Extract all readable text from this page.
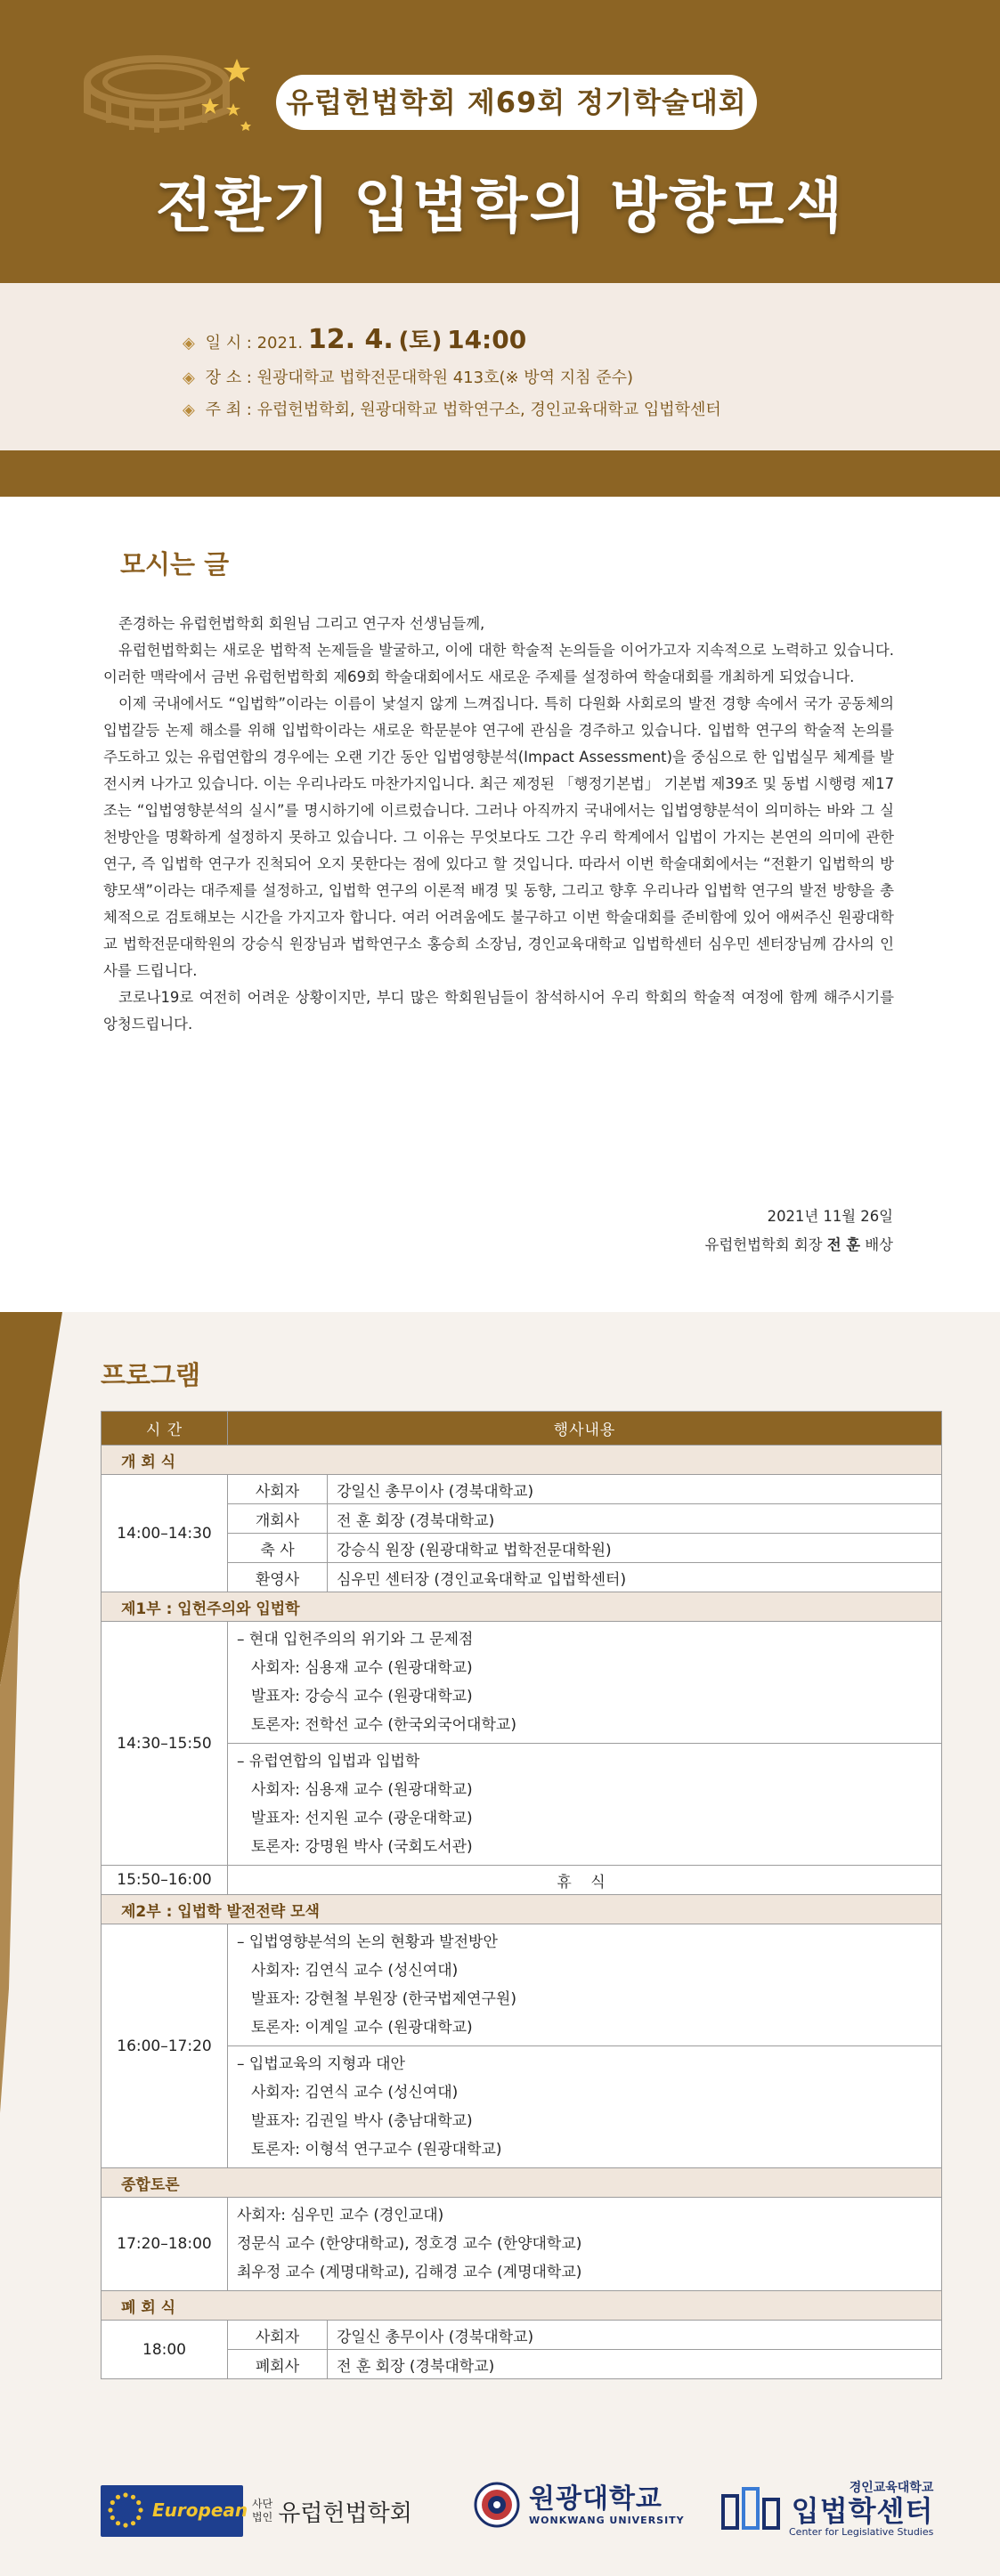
유럽헌법학회 제69회 정기학술대회
전환기 입법학의 방향모색
◈ 일 시 : 2021. 12. 4. (토) 14:00
◈ 장 소 : 원광대학교 법학전문대학원 413호(※ 방역 지침 준수)
◈ 주 최 : 유럽헌법학회, 원광대학교 법학연구소, 경인교육대학교 입법학센터
모시는 글

존경하는 유럽헌법학회 회원님 그리고 연구자 선생님들께,

유럽헌법학회는 새로운 법학적 논제들을 발굴하고, 이에 대한 학술적 논의들을 이어가고자 지속적으로 노력하고 있습니다. 이러한 맥락에서 금번 유럽헌법학회 제69회 학술대회에서도 새로운 주제를 설정하여 학술대회를 개최하게 되었습니다.

이제 국내에서도 “입법학”이라는 이름이 낯설지 않게 느껴집니다. 특히 다원화 사회로의 발전 경향 속에서 국가 공동체의 입법갈등 논제 해소를 위해 입법학이라는 새로운 학문분야 연구에 관심을 경주하고 있습니다. 입법학 연구의 학술적 논의를 주도하고 있는 유럽연합의 경우에는 오랜 기간 동안 입법영향분석(Impact Assessment)을 중심으로 한 입법실무 체계를 발전시켜 나가고 있습니다. 이는 우리나라도 마찬가지입니다. 최근 제정된 「행정기본법」 기본법 제39조 및 동법 시행령 제17조는 “입법영향분석의 실시”를 명시하기에 이르렀습니다. 그러나 아직까지 국내에서는 입법영향분석이 의미하는 바와 그 실천방안을 명확하게 설정하지 못하고 있습니다. 그 이유는 무엇보다도 그간 우리 학계에서 입법이 가지는 본연의 의미에 관한 연구, 즉 입법학 연구가 진척되어 오지 못한다는 점에 있다고 할 것입니다. 따라서 이번 학술대회에서는 “전환기 입법학의 방향모색”이라는 대주제를 설정하고, 입법학 연구의 이론적 배경 및 동향, 그리고 향후 우리나라 입법학 연구의 발전 방향을 총체적으로 검토해보는 시간을 가지고자 합니다. 여러 어려움에도 불구하고 이번 학술대회를 준비함에 있어 애써주신 원광대학교 법학전문대학원의 강승식 원장님과 법학연구소 홍승희 소장님, 경인교육대학교 입법학센터 심우민 센터장님께 감사의 인사를 드립니다.

코로나19로 여전히 어려운 상황이지만, 부디 많은 학회원님들이 참석하시어 우리 학회의 학술적 여정에 함께 해주시기를 앙청드립니다.

2021년 11월 26일
유럽헌법학회 회장 전 훈 배상
프로그램
시 간	행사내용	
개 회 식		
14:00–14:30	사회자	강일신 총무이사 (경북대학교)
	개회사	전 훈 회장 (경북대학교)
	축 사	강승식 원장 (원광대학교 법학전문대학원)
	환영사	심우민 센터장 (경인교육대학교 입법학센터)
제1부 : 입헌주의와 입법학		
14:30–15:50	– 현대 입헌주의의 위기와 그 문제점
사회자: 심용재 교수 (원광대학교)
발표자: 강승식 교수 (원광대학교)
토론자: 전학선 교수 (한국외국어대학교)	

	– 유럽연합의 입법과 입법학
사회자: 심용재 교수 (원광대학교)
발표자: 선지원 교수 (광운대학교)
토론자: 강명원 박사 (국회도서관)	

15:50–16:00	휴 식	
제2부 : 입법학 발전전략 모색		
16:00–17:20	– 입법영향분석의 논의 현황과 발전방안
사회자: 김연식 교수 (성신여대)
발표자: 강현철 부원장 (한국법제연구원)
토론자: 이계일 교수 (원광대학교)	

	– 입법교육의 지형과 대안
사회자: 김연식 교수 (성신여대)
발표자: 김권일 박사 (충남대학교)
토론자: 이형석 연구교수 (원광대학교)	

종합토론		
17:20–18:00	사회자: 심우민 교수 (경인교대)
정문식 교수 (한양대학교), 정호경 교수 (한양대학교)
최우정 교수 (계명대학교), 김해경 교수 (계명대학교)	

폐 회 식		
18:00	사회자	강일신 총무이사 (경북대학교)
	폐회사	전 훈 회장 (경북대학교)
European 사단
법인 유럽헌법학회	원광대학교
WONKWANG UNIVERSITY
경인교육대학교
입법학센터
Center for Legislative Studies
